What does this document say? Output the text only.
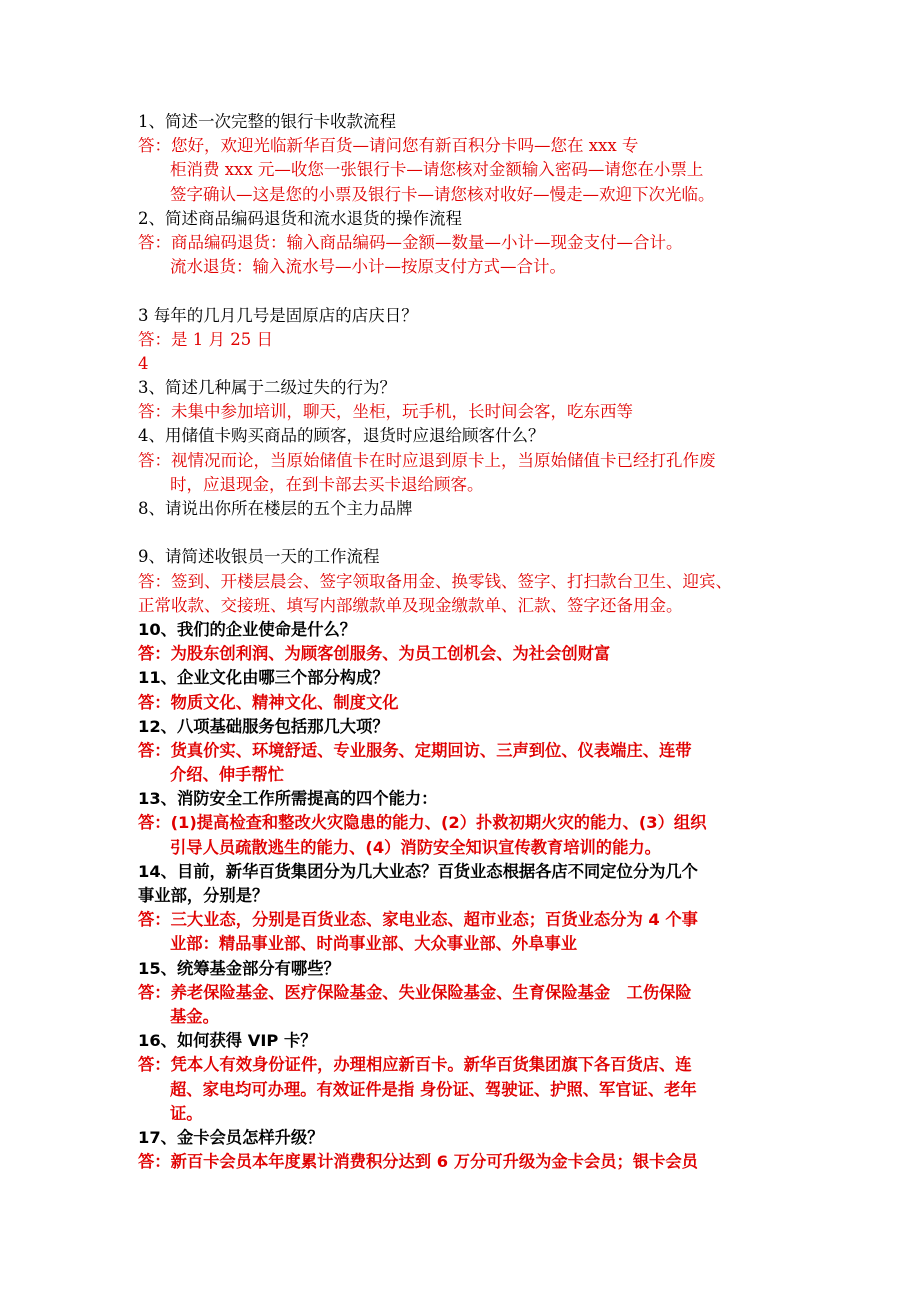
1、简述一次完整的银行卡收款流程
答：您好，欢迎光临新华百货—请问您有新百积分卡吗—您在 xxx 专
柜消费 xxx 元—收您一张银行卡—请您核对金额输入密码—请您在小票上
签字确认—这是您的小票及银行卡—请您核对收好—慢走—欢迎下次光临。
2、简述商品编码退货和流水退货的操作流程
答：商品编码退货：输入商品编码—金额—数量—小计—现金支付—合计。
流水退货：输入流水号—小计—按原支付方式—合计。
3 每年的几月几号是固原店的店庆日？
答：是 1 月 25 日
4
3、简述几种属于二级过失的行为？
答：未集中参加培训，聊天，坐柜，玩手机，长时间会客，吃东西等
4、用储值卡购买商品的顾客，退货时应退给顾客什么？
答：视情况而论，当原始储值卡在时应退到原卡上，当原始储值卡已经打孔作废
时，应退现金，在到卡部去买卡退给顾客。
8、请说出你所在楼层的五个主力品牌
9、请简述收银员一天的工作流程
答：签到、开楼层晨会、签字领取备用金、换零钱、签字、打扫款台卫生、迎宾、
正常收款、交接班、填写内部缴款单及现金缴款单、汇款、签字还备用金。
10、我们的企业使命是什么？
答：为股东创利润、为顾客创服务、为员工创机会、为社会创财富
11、企业文化由哪三个部分构成？
答：物质文化、精神文化、制度文化
12、八项基础服务包括那几大项？
答：货真价实、环境舒适、专业服务、定期回访、三声到位、仪表端庄、连带
介绍、伸手帮忙
13、消防安全工作所需提高的四个能力：
答：(1)提高检查和整改火灾隐患的能力、(2）扑救初期火灾的能力、(3）组织
引导人员疏散逃生的能力、(4）消防安全知识宣传教育培训的能力。
14、目前，新华百货集团分为几大业态？百货业态根据各店不同定位分为几个
事业部，分别是？
答：三大业态，分别是百货业态、家电业态、超市业态；百货业态分为 4 个事
业部：精品事业部、时尚事业部、大众事业部、外阜事业
15、统筹基金部分有哪些？
答：养老保险基金、医疗保险基金、失业保险基金、生育保险基金　工伤保险
基金。
16、如何获得 VIP 卡？
答：凭本人有效身份证件，办理相应新百卡。新华百货集团旗下各百货店、连
超、家电均可办理。有效证件是指 身份证、驾驶证、护照、军官证、老年
证。
17、金卡会员怎样升级？
答：新百卡会员本年度累计消费积分达到 6 万分可升级为金卡会员；银卡会员
